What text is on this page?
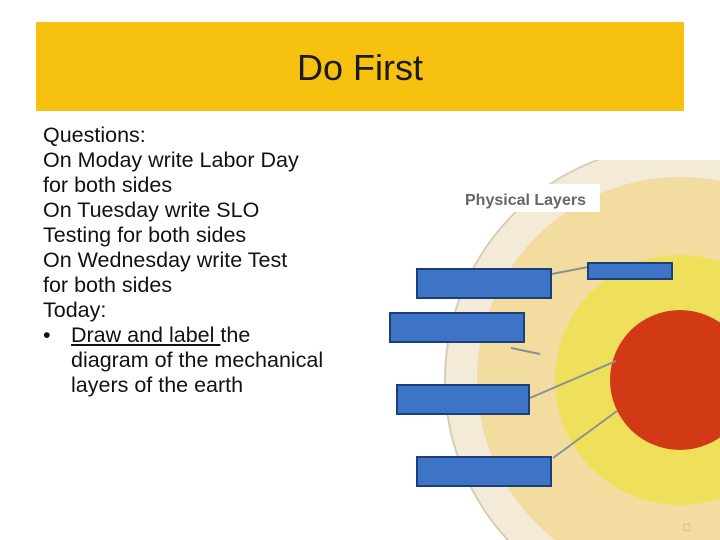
Do First
Questions:
On Moday write Labor Day
for both sides
On Tuesday write SLO
Testing for both sides
On Wednesday write Test
for both sides
Today:
• Draw and label the diagram of the mechanical layers of the earth
Physical Layers
□
